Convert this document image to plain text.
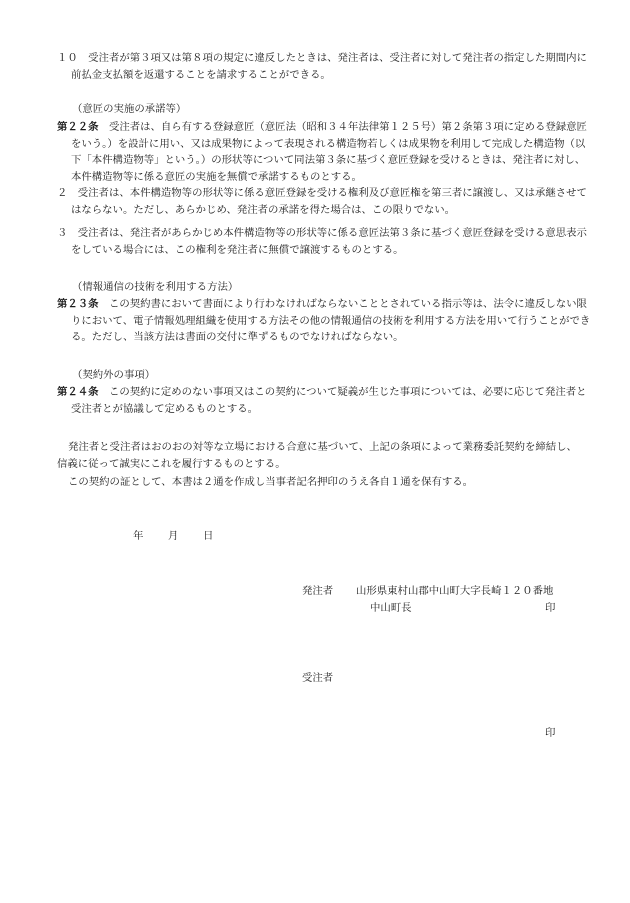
１０　 受注者が第３項又は第８項の規定に違反したときは、発注者は、受注者に対して発注者の指定した期間内に前払金支払額を返還することを請求することができる。

（意匠の実施の承諾等）

第２２条　 受注者は、自ら有する登録意匠（意匠法（昭和３４年法律第１２５号）第２条第３項に定める登録意匠をいう。）を設計に用い、又は成果物によって表現される構造物若しくは成果物を利用して完成した構造物（以下「本件構造物等」という。）の形状等について同法第３条に基づく意匠登録を受けるときは、発注者に対し、本件構造物等に係る意匠の実施を無償で承諾するものとする。

２　 受注者は、本件構造物等の形状等に係る意匠登録を受ける権利及び意匠権を第三者に譲渡し、又は承継させてはならない。ただし、あらかじめ、発注者の承諾を得た場合は、この限りでない。

３　 受注者は、発注者があらかじめ本件構造物等の形状等に係る意匠法第３条に基づく意匠登録を受ける意思表示をしている場合には、この権利を発注者に無償で譲渡するものとする。

（情報通信の技術を利用する方法）

第２３条　 この契約書において書面により行わなければならないこととされている指示等は、法令に違反しない限りにおいて、電子情報処理組織を使用する方法その他の情報通信の技術を利用する方法を用いて行うことができる。ただし、当該方法は書面の交付に準ずるものでなければならない。

（契約外の事項）

第２４条　 この契約に定めのない事項又はこの契約について疑義が生じた事項については、必要に応じて発注者と受注者とが協議して定めるものとする。

発注者と受注者はおのおの対等な立場における合意に基づいて、上記の条項によって業務委託契約を締結し、信義に従って誠実にこれを履行するものとする。

この契約の証として、本書は２通を作成し当事者記名押印のうえ各自１通を保有する。

年 月 日
発注者 山形県東村山郡中山町大字長崎１２０番地
中山町長	印
受注者
印
